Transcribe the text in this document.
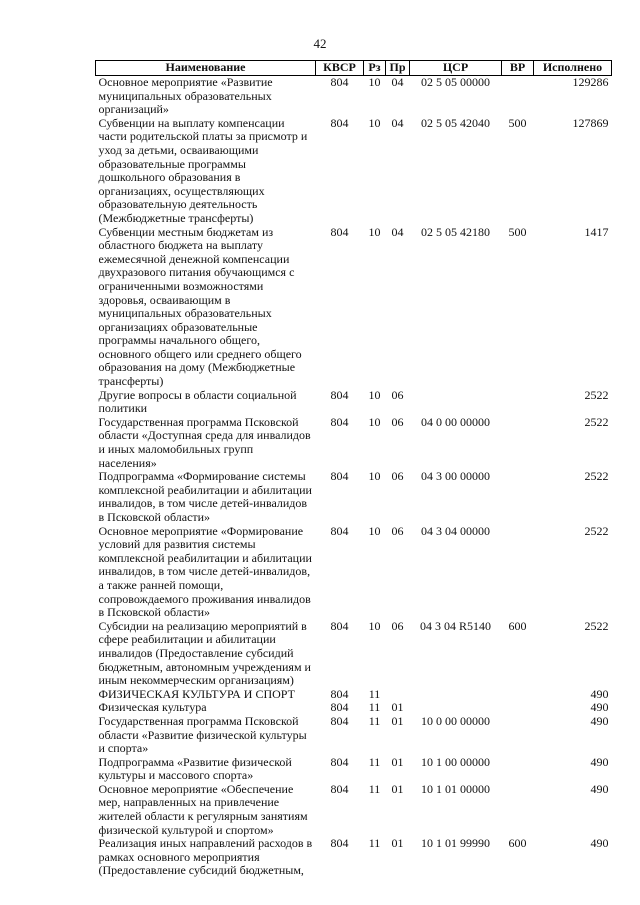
42
Наименование	КВСР	Рз	Пр	ЦСР	ВР	Исполнено
Основное мероприятие «Развитие муниципальных образовательных организаций»	804	10	04	02 5 05 00000		129286
Субвенции на выплату компенсации части родительской платы за присмотр и уход за детьми, осваивающими образовательные программы дошкольного образования в организациях, осуществляющих образовательную деятельность (Межбюджетные трансферты)	804	10	04	02 5 05 42040	500	127869
Субвенции местным бюджетам из областного бюджета на выплату ежемесячной денежной компенсации двухразового питания обучающимся с ограниченными возможностями здоровья, осваивающим в муниципальных образовательных организациях образовательные программы начального общего, основного общего или среднего общего образования на дому (Межбюджетные трансферты)	804	10	04	02 5 05 42180	500	1417
Другие вопросы в области социальной политики	804	10	06			2522
Государственная программа Псковской области «Доступная среда для инвалидов и иных маломобильных групп населения»	804	10	06	04 0 00 00000		2522
Подпрограмма «Формирование системы комплексной реабилитации и абилитации инвалидов, в том числе детей-инвалидов в Псковской области»	804	10	06	04 3 00 00000		2522
Основное мероприятие «Формирование условий для развития системы комплексной реабилитации и абилитации инвалидов, в том числе детей-инвалидов, а также ранней помощи, сопровождаемого проживания инвалидов в Псковской области»	804	10	06	04 3 04 00000		2522
Субсидии на реализацию мероприятий в сфере реабилитации и абилитации инвалидов (Предоставление субсидий бюджетным, автономным учреждениям и иным некоммерческим организациям)	804	10	06	04 3 04 R5140	600	2522
ФИЗИЧЕСКАЯ КУЛЬТУРА И СПОРТ	804	11				490
Физическая культура	804	11	01			490
Государственная программа Псковской области «Развитие физической культуры и спорта»	804	11	01	10 0 00 00000		490
Подпрограмма «Развитие физической культуры и массового спорта»	804	11	01	10 1 00 00000		490
Основное мероприятие «Обеспечение мер, направленных на привлечение жителей области к регулярным занятиям физической культурой и спортом»	804	11	01	10 1 01 00000		490
Реализация иных направлений расходов в рамках основного мероприятия (Предоставление субсидий бюджетным,	804	11	01	10 1 01 99990	600	490
